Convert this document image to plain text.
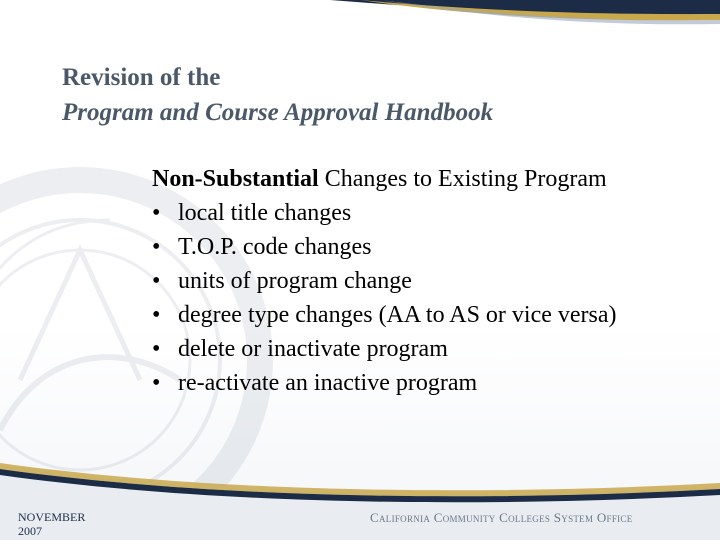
Revision of the
Program and Course Approval Handbook
Non-Substantial Changes to Existing Program
• local title changes
• T.O.P. code changes
• units of program change
• degree type changes (AA to AS or vice versa)
• delete or inactivate program
• re-activate an inactive program
NOVEMBER
2007
California Community Colleges System Office
